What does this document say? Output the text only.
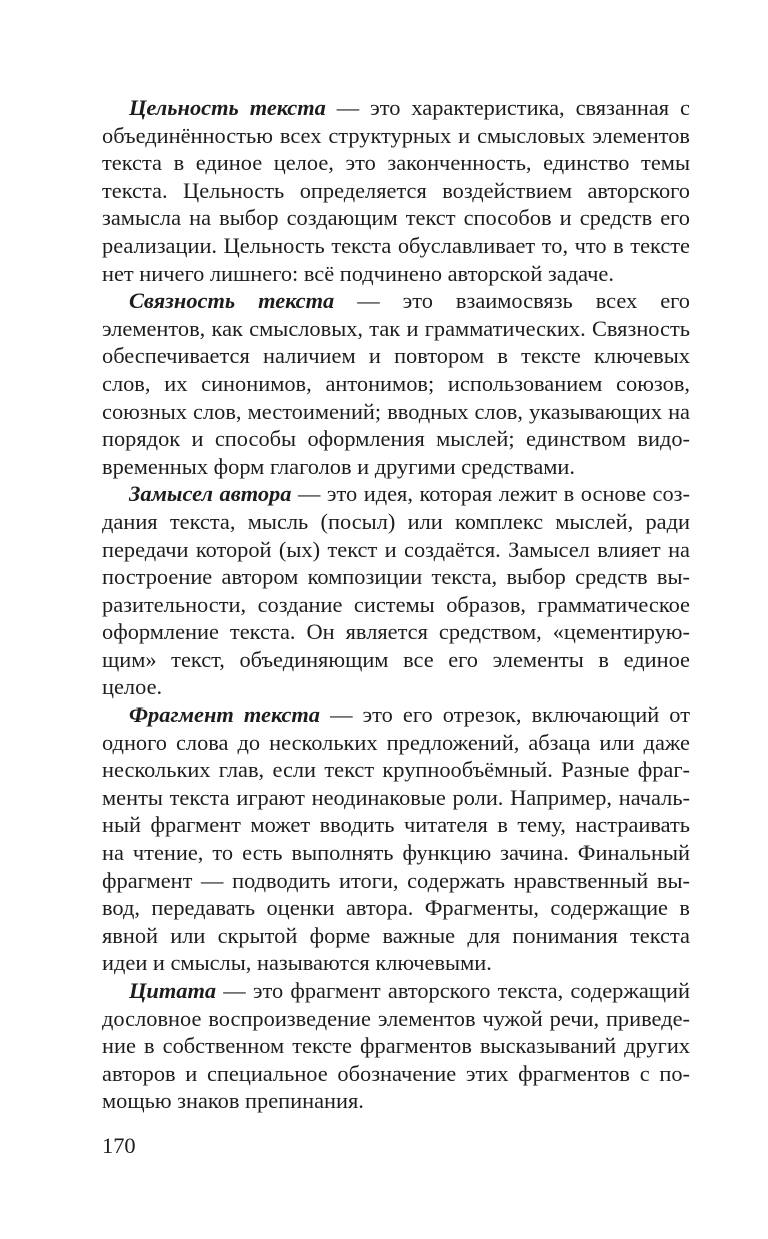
Цельность текста — это характеристика, связанная с объединённостью всех структурных и смысловых элементов текста в единое целое, это законченность, единство темы текста. Цельность определяется воздействием авторского замысла на выбор создающим текст способов и средств его реализации. Цельность текста обуславливает то, что в тексте нет ничего лишнего: всё подчинено авторской задаче.

Связность текста — это взаимосвязь всех его элементов, как смысловых, так и грамматических. Связность обеспечивается наличием и повтором в тексте ключевых слов, их синонимов, антонимов; использованием союзов, союзных слов, местоимений; вводных слов, указывающих на порядок и способы оформления мыслей; единством видо-временных форм глаголов и другими средствами.

Замысел автора — это идея, которая лежит в основе создания текста, мысль (посыл) или комплекс мыслей, ради передачи которой (ых) текст и создаётся. Замысел влияет на построение автором композиции текста, выбор средств выразительности, создание системы образов, грамматическое оформление текста. Он является средством, «цементирующим» текст, объединяющим все его элементы в единое целое.

Фрагмент текста — это его отрезок, включающий от одного слова до нескольких предложений, абзаца или даже нескольких глав, если текст крупнообъёмный. Разные фрагменты текста играют неодинаковые роли. Например, начальный фрагмент может вводить читателя в тему, настраивать на чтение, то есть выполнять функцию зачина. Финальный фрагмент — подводить итоги, содержать нравственный вывод, передавать оценки автора. Фрагменты, содержащие в явной или скрытой форме важные для понимания текста идеи и смыслы, называются ключевыми.

Цитата — это фрагмент авторского текста, содержащий дословное воспроизведение элементов чужой речи, приведение в собственном тексте фрагментов высказываний других авторов и специальное обозначение этих фрагментов с помощью знаков препинания.

170
